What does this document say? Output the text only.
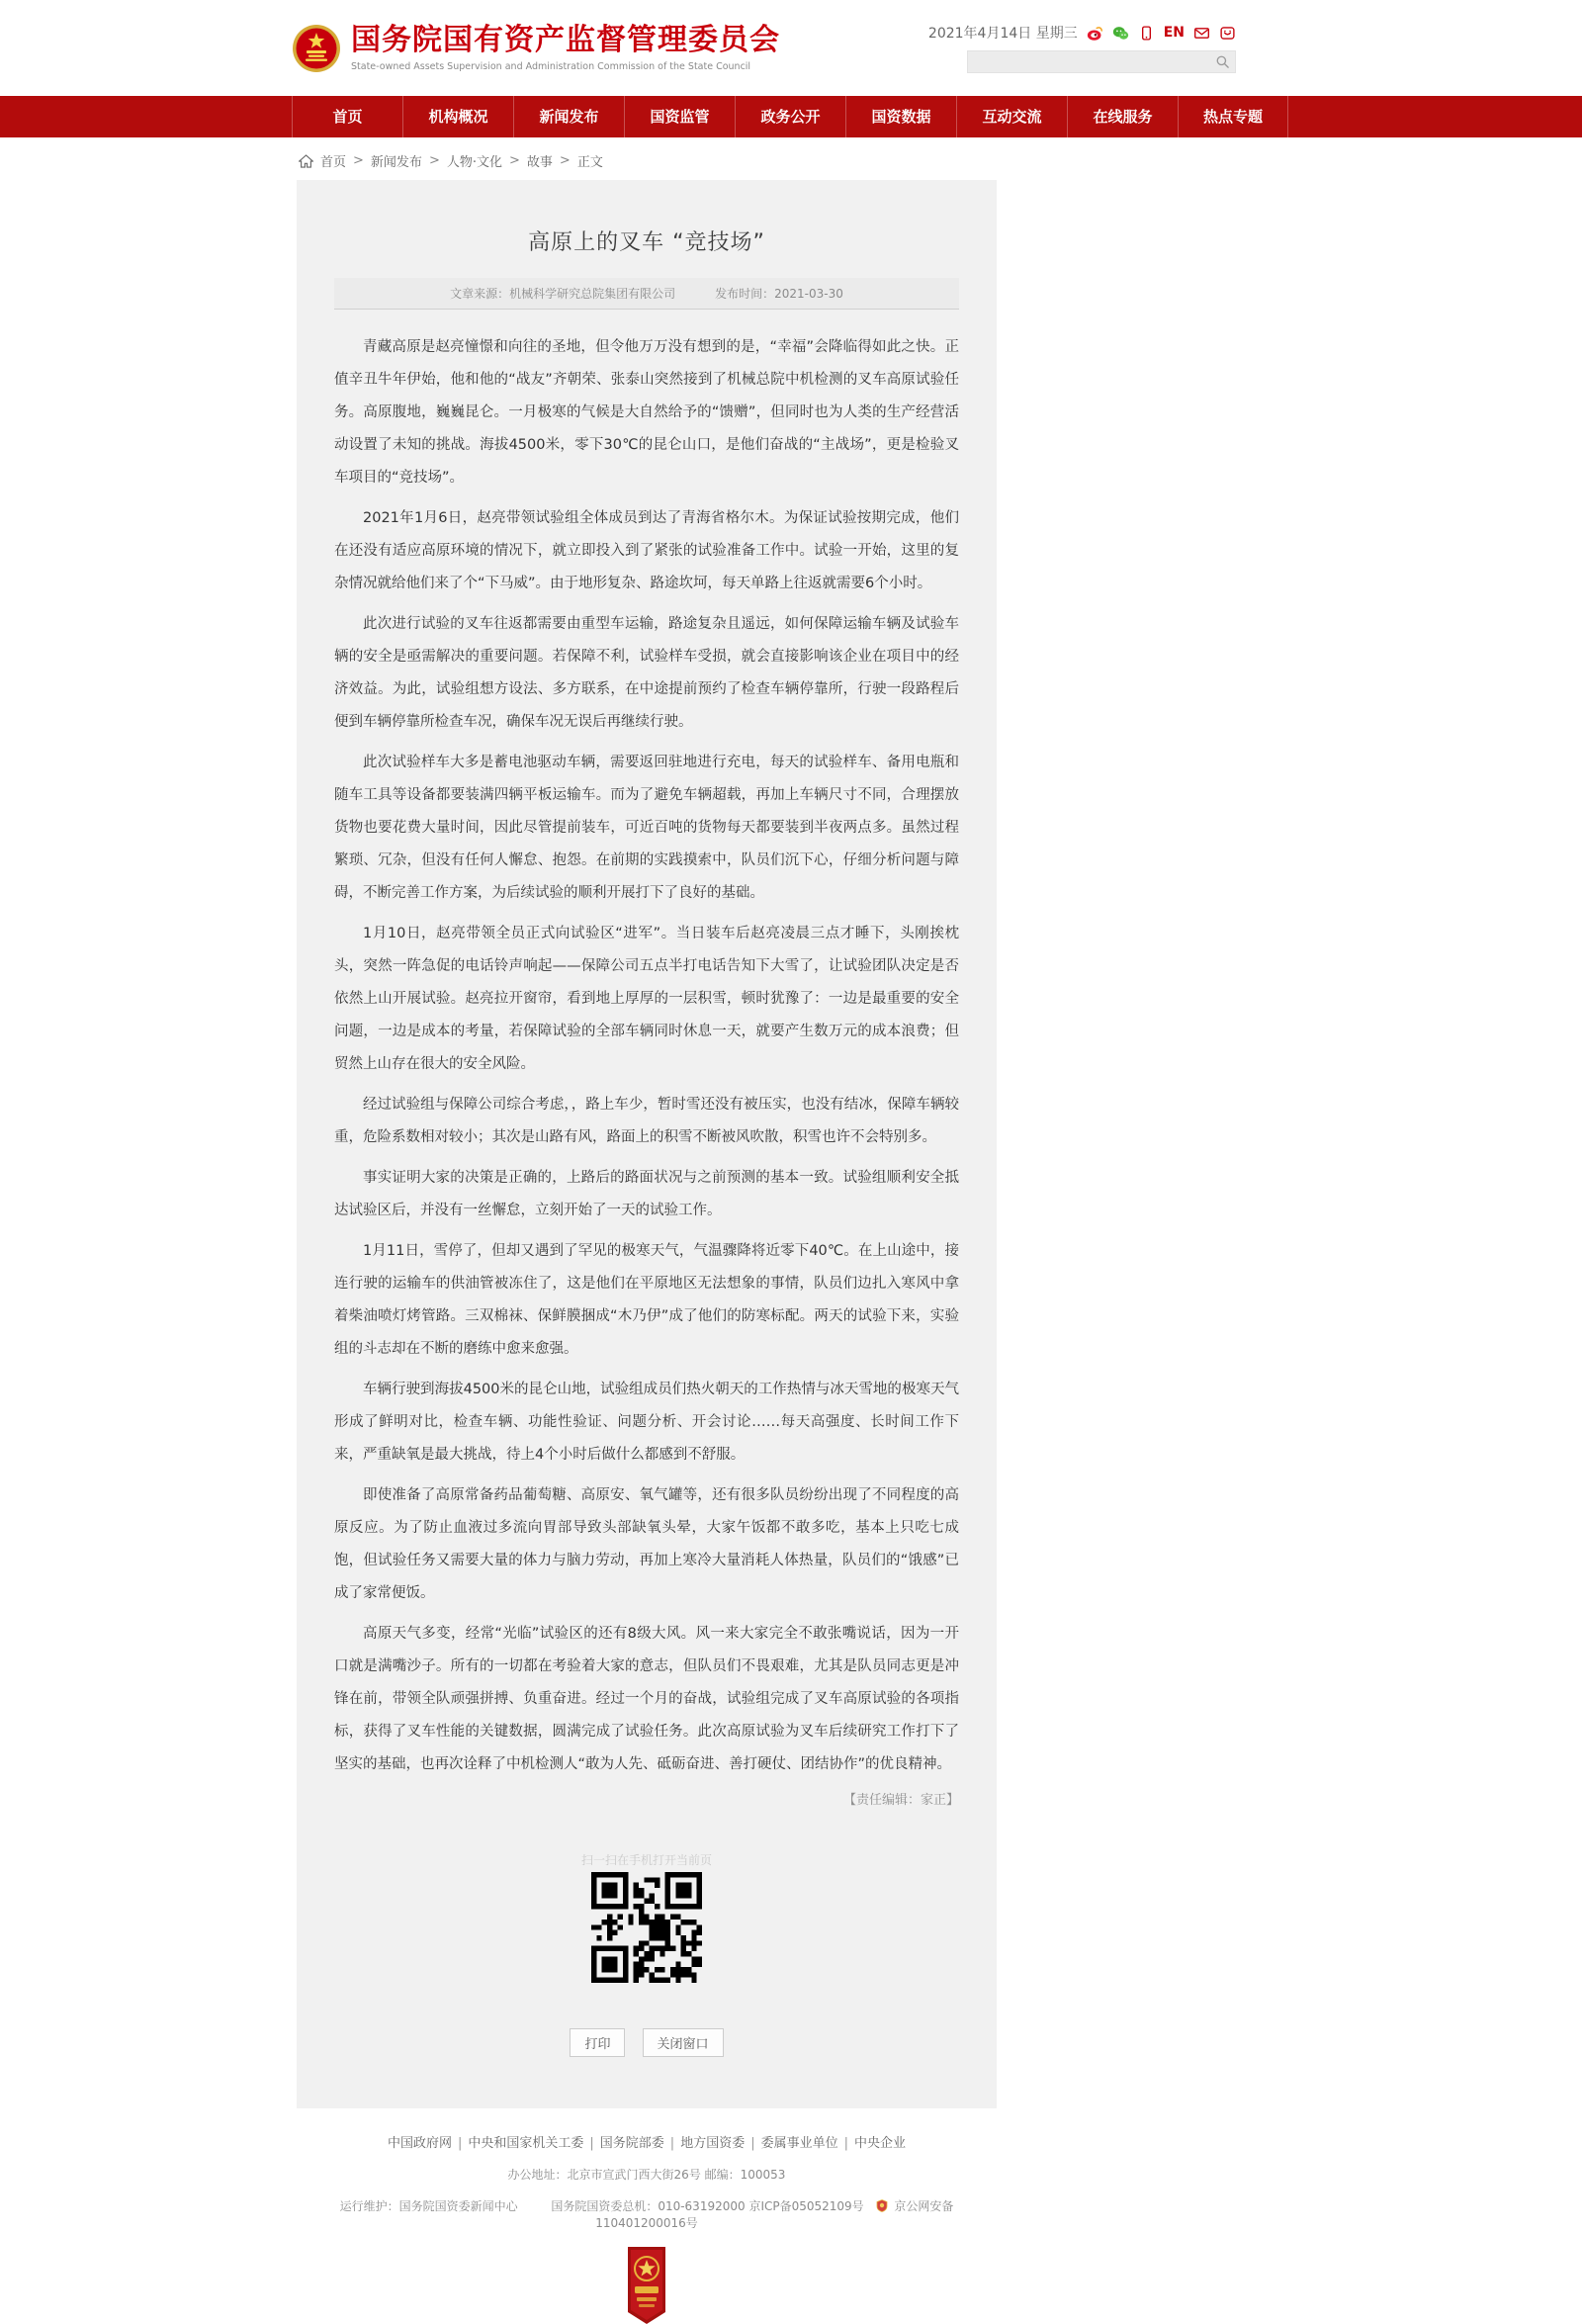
国务院国有资产监督管理委员会
State-owned Assets Supervision and Administration Commission of the State Council
2021年4月14日 星期三	EN
首页	机构概况	新闻发布	国资监管	政务公开	国资数据	互动交流	在线服务	热点专题
首页 > 新闻发布 > 人物·文化 > 故事 > 正文
高原上的叉车 “竞技场”
文章来源：机械科学研究总院集团有限公司	发布时间：2021-03-30

青藏高原是赵亮憧憬和向往的圣地，但令他万万没有想到的是，“幸福”会降临得如此之快。正值辛丑牛年伊始，他和他的“战友”齐朝荣、张泰山突然接到了机械总院中机检测的叉车高原试验任务。高原腹地，巍巍昆仑。一月极寒的气候是大自然给予的“馈赠”，但同时也为人类的生产经营活动设置了未知的挑战。海拔4500米，零下30℃的昆仑山口，是他们奋战的“主战场”，更是检验叉车项目的“竞技场”。

2021年1月6日，赵亮带领试验组全体成员到达了青海省格尔木。为保证试验按期完成，他们在还没有适应高原环境的情况下，就立即投入到了紧张的试验准备工作中。试验一开始，这里的复杂情况就给他们来了个“下马威”。由于地形复杂、路途坎坷，每天单路上往返就需要6个小时。

此次进行试验的叉车往返都需要由重型车运输，路途复杂且遥远，如何保障运输车辆及试验车辆的安全是亟需解决的重要问题。若保障不利，试验样车受损，就会直接影响该企业在项目中的经济效益。为此，试验组想方设法、多方联系，在中途提前预约了检查车辆停靠所，行驶一段路程后便到车辆停靠所检查车况，确保车况无误后再继续行驶。

此次试验样车大多是蓄电池驱动车辆，需要返回驻地进行充电，每天的试验样车、备用电瓶和随车工具等设备都要装满四辆平板运输车。而为了避免车辆超载，再加上车辆尺寸不同，合理摆放货物也要花费大量时间，因此尽管提前装车，可近百吨的货物每天都要装到半夜两点多。虽然过程繁琐、冗杂，但没有任何人懈怠、抱怨。在前期的实践摸索中，队员们沉下心，仔细分析问题与障碍，不断完善工作方案，为后续试验的顺利开展打下了良好的基础。

1月10日，赵亮带领全员正式向试验区“进军”。当日装车后赵亮凌晨三点才睡下，头刚挨枕头，突然一阵急促的电话铃声响起——保障公司五点半打电话告知下大雪了，让试验团队决定是否依然上山开展试验。赵亮拉开窗帘，看到地上厚厚的一层积雪，顿时犹豫了：一边是最重要的安全问题，一边是成本的考量，若保障试验的全部车辆同时休息一天，就要产生数万元的成本浪费；但贸然上山存在很大的安全风险。

经过试验组与保障公司综合考虑，，路上车少，暂时雪还没有被压实，也没有结冰，保障车辆较重，危险系数相对较小；其次是山路有风，路面上的积雪不断被风吹散，积雪也许不会特别多。

事实证明大家的决策是正确的，上路后的路面状况与之前预测的基本一致。试验组顺利安全抵达试验区后，并没有一丝懈怠，立刻开始了一天的试验工作。

1月11日，雪停了，但却又遇到了罕见的极寒天气，气温骤降将近零下40℃。在上山途中，接连行驶的运输车的供油管被冻住了，这是他们在平原地区无法想象的事情，队员们边扎入寒风中拿着柴油喷灯烤管路。三双棉袜、保鲜膜捆成“木乃伊”成了他们的防寒标配。两天的试验下来，实验组的斗志却在不断的磨练中愈来愈强。

车辆行驶到海拔4500米的昆仑山地，试验组成员们热火朝天的工作热情与冰天雪地的极寒天气形成了鲜明对比，检查车辆、功能性验证、问题分析、开会讨论……每天高强度、长时间工作下来，严重缺氧是最大挑战，待上4个小时后做什么都感到不舒服。

即使准备了高原常备药品葡萄糖、高原安、氧气罐等，还有很多队员纷纷出现了不同程度的高原反应。为了防止血液过多流向胃部导致头部缺氧头晕，大家午饭都不敢多吃，基本上只吃七成饱，但试验任务又需要大量的体力与脑力劳动，再加上寒冷大量消耗人体热量，队员们的“饿感”已成了家常便饭。

高原天气多变，经常“光临”试验区的还有8级大风。风一来大家完全不敢张嘴说话，因为一开口就是满嘴沙子。所有的一切都在考验着大家的意志，但队员们不畏艰难，尤其是队员同志更是冲锋在前，带领全队顽强拼搏、负重奋进。经过一个月的奋战，试验组完成了叉车高原试验的各项指标，获得了叉车性能的关键数据，圆满完成了试验任务。此次高原试验为叉车后续研究工作打下了坚实的基础，也再次诠释了中机检测人“敢为人先、砥砺奋进、善打硬仗、团结协作”的优良精神。

【责任编辑：家正】
扫一扫在手机打开当前页
打印	关闭窗口
中国政府网 | 中央和国家机关工委 | 国务院部委 | 地方国资委 | 委属事业单位 | 中央企业
办公地址：北京市宣武门西大街26号 邮编：100053
运行维护：国务院国资委新闻中心	国务院国资委总机：010-63192000 京ICP备05052109号	京公网安备 110401200016号
